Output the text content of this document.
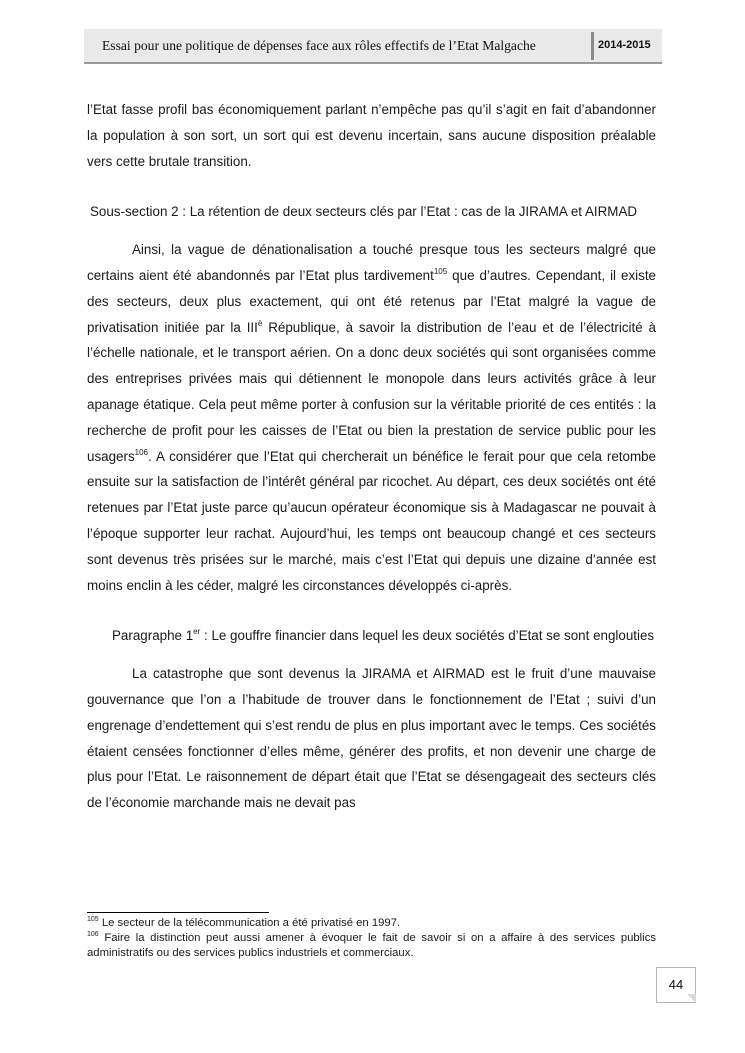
Essai pour une politique de dépenses face aux rôles effectifs de l’Etat Malgache	2014-2015

l’Etat fasse profil bas économiquement parlant n’empêche pas qu’il s’agit en fait d’abandonner la population à son sort, un sort qui est devenu incertain, sans aucune disposition préalable vers cette brutale transition.

Sous-section 2 : La rétention de deux secteurs clés par l’Etat : cas de la JIRAMA et AIRMAD

Ainsi, la vague de dénationalisation a touché presque tous les secteurs malgré que certains aient été abandonnés par l’Etat plus tardivement$^{105}$ que d’autres. Cependant, il existe des secteurs, deux plus exactement, qui ont été retenus par l’Etat malgré la vague de privatisation initiée par la $III^è$ République, à savoir la distribution de l’eau et de l’électricité à l’échelle nationale, et le transport aérien. On a donc deux sociétés qui sont organisées comme des entreprises privées mais qui détiennent le monopole dans leurs activités grâce à leur apanage étatique. Cela peut même porter à confusion sur la véritable priorité de ces entités : la recherche de profit pour les caisses de l’Etat ou bien la prestation de service public pour les usagers$^{106}$. A considérer que l’Etat qui chercherait un bénéfice le ferait pour que cela retombe ensuite sur la satisfaction de l’intérêt général par ricochet. Au départ, ces deux sociétés ont été retenues par l’Etat juste parce qu’aucun opérateur économique sis à Madagascar ne pouvait à l’époque supporter leur rachat. Aujourd’hui, les temps ont beaucoup changé et ces secteurs sont devenus très prisées sur le marché, mais c’est l’Etat qui depuis une dizaine d’année est moins enclin à les céder, malgré les circonstances développés ci-après.

Paragraphe 1er : Le gouffre financier dans lequel les deux sociétés d’Etat se sont englouties

La catastrophe que sont devenus la JIRAMA et AIRMAD est le fruit d’une mauvaise gouvernance que l’on a l’habitude de trouver dans le fonctionnement de l’Etat ; suivi d’un engrenage d’endettement qui s’est rendu de plus en plus important avec le temps. Ces sociétés étaient censées fonctionner d’elles même, générer des profits, et non devenir une charge de plus pour l’Etat. Le raisonnement de départ était que l’Etat se désengageait des secteurs clés de l’économie marchande mais ne devait pas

$^{105}$ Le secteur de la télécommunication a été privatisé en 1997.

$^{106}$ Faire la distinction peut aussi amener à évoquer le fait de savoir si on a affaire à des services publics administratifs ou des services publics industriels et commerciaux.

44
